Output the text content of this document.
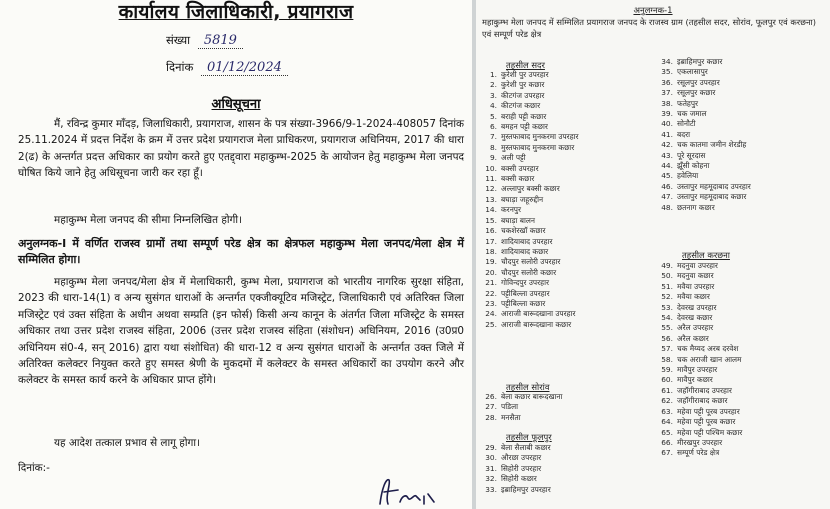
कार्यालय जिलाधिकारी, प्रयागराज
संख्या 5819
दिनांक 01/12/2024
अधिसूचना

मैं, रविन्द्र कुमार माँदड़, जिलाधिकारी, प्रयागराज, शासन के पत्र संख्या-3966/9-1-2024-408057 दिनांक 25.11.2024 में प्रदत्त निर्देश के क्रम में उत्तर प्रदेश प्रयागराज मेला प्राधिकरण, प्रयागराज अधिनियम, 2017 की धारा 2(ढ) के अन्तर्गत प्रदत्त अधिकार का प्रयोग करते हुए एतद्द्वारा महाकुम्भ-2025 के आयोजन हेतु महाकुम्भ मेला जनपद घोषित किये जाने हेतु अधिसूचना जारी कर रहा हूँ।

महाकुम्भ मेला जनपद की सीमा निम्नलिखित होगी।

अनुलग्नक-I में वर्णित राजस्व ग्रामों तथा सम्पूर्ण परेड क्षेत्र का क्षेत्रफल महाकुम्भ मेला जनपद/मेला क्षेत्र में सम्मिलित होगा।

महाकुम्भ मेला जनपद/मेला क्षेत्र में मेलाधिकारी, कुम्भ मेला, प्रयागराज को भारतीय नागरिक सुरक्षा संहिता, 2023 की धारा-14(1) व अन्य सुसंगत धाराओं के अन्तर्गत एक्जीक्यूटिव मजिस्ट्रेट, जिलाधिकारी एवं अतिरिक्त जिला मजिस्ट्रेट एवं उक्त संहिता के अधीन अथवा सम्प्रति (इन फोर्स) किसी अन्य कानून के अंतर्गत जिला मजिस्ट्रेट के समस्त अधिकार तथा उत्तर प्रदेश राजस्व संहिता, 2006 (उत्तर प्रदेश राजस्व संहिता (संशोधन) अधिनियम, 2016 (उ0प्र0 अधिनियम सं0-4, सन् 2016) द्वारा यथा संशोधित) की धारा-12 व अन्य सुसंगत धाराओं के अन्तर्गत उक्त जिले में अतिरिक्त कलेक्टर नियुक्त करते हुए समस्त श्रेणी के मुकदमों में कलेक्टर के समस्त अधिकारों का उपयोग करने और कलेक्टर के समस्त कार्य करने के अधिकार प्राप्त होंगे।

यह आदेश तत्काल प्रभाव से लागू होगा।

दिनांक:-

अनुलग्नक-1

महाकुम्भ मेला जनपद में सम्मिलित प्रयागराज जनपद के राजस्व ग्राम (तहसील सदर, सोरांव, फूलपुर एवं करछना) एवं सम्पूर्ण परेड क्षेत्र

तहसील सदर
1. कुरेशी पुर उपरहार
2. कुरेशी पुर कछार
3. कीटगंज उपरहार
4. कीटगंज कछार
5. बराही पट्टी कछार
6. बमहन पट्टी कछार
7. मुस्तफाबाद मुनकरमा उपरहार
8. मुस्तफाबाद मुनकरमा कछार
9. अली पट्टी
10. बक्सी उपरहार
11. बक्सी कछार
12. अल्लापुर बक्सी कछार
13. बघाड़ा जहूरुद्दीन
14. करनपुर
15. बघाड़ा बालन
16. चकशेरखॉ कछार
17. शादियाबाद उपरहार
18. शादियाबाद कछार
19. चौदपुर सलोरी उपरहार
20. चौदपुर सलोरी कछार
21. गोविन्दपुर उपरहार
22. पट्टीबिल्ला उपरहार
23. पट्टीबिल्ला कछार
24. आराजी बारूदखाना उपरहार
25. आराजी बारूदखाना कछार
तहसील सोरांव
26. बेला कछार बारूदखाना
27. पडिला
28. मनसैता
तहसील फूलपुर
29. बेला सैलाबी कछार
30. औरछा उपरहार
31. सिहोरी उपरहार
32. सिहोरी कछार
33. इब्राहिमपुर उपरहार
34. इब्राहिमपुर कछार
35. एकलासापुर
36. रसूलपुर उपरहार
37. रसूलपुर कछार
38. फतेहपुर
39. चक जमाल
40. सोनौटी
41. बदरा
42. चक कातमा जमीन शेरडीह
43. पूरे सूरदास
44. झूँसी कोहना
45. हवेलिया
46. उस्तापुर महमूदाबाद उपरहार
47. उस्तापुर महमूदाबाद कछार
48. छतनाग कछार
तहसील करछना
49. मदनुवा उपरहार
50. मदनुवा कछार
51. मवैया उपरहार
52. मवैया कछार
53. देवरख उपरहार
54. देवरख कछार
55. अरैल उपरहार
56. अरैल कछार
57. चक मैय्यद अरब दरवेश
58. चक अराजी खान आलम
59. मावैपुर उपरहार
60. मावैपुर कछार
61. जहॉगीराबाद उपरहार
62. जहॉगीराबाद कछार
63. महेवा पट्टी पूरब उपरहार
64. महेवा पट्टी पूरब कछार
65. महेवा पट्टी पश्चिम कछार
66. मीरखपुर उपरहार
67. सम्पूर्ण परेड क्षेत्र
